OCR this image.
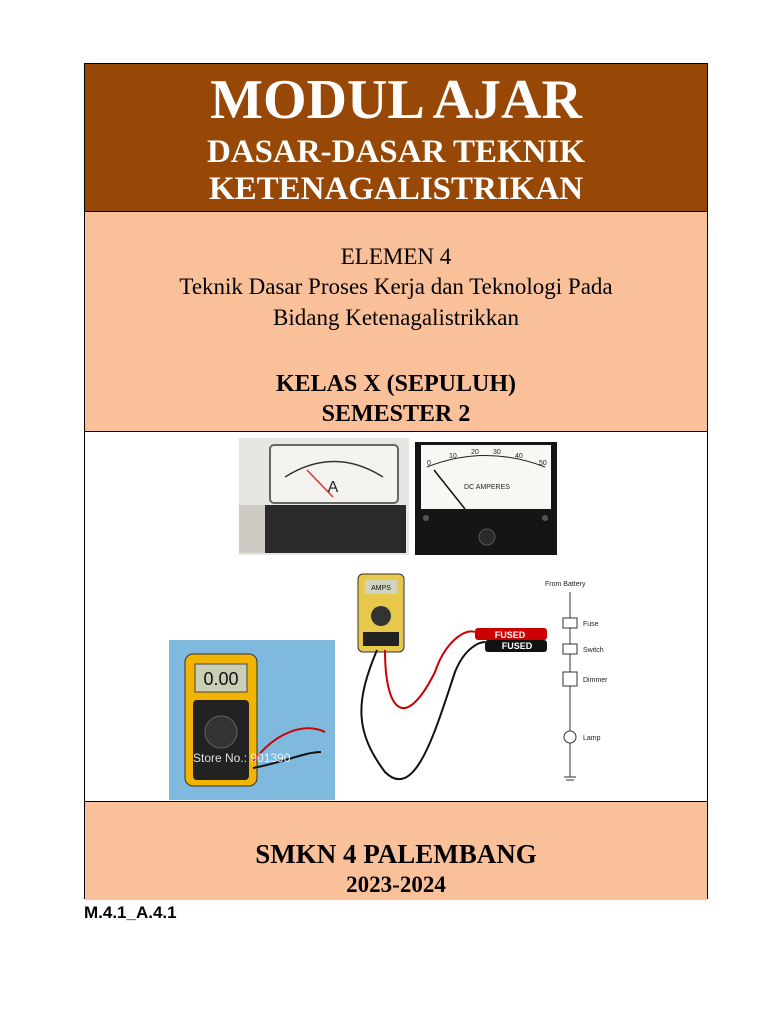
MODUL AJAR
DASAR-DASAR TEKNIK
KETENAGALISTRIKAN
ELEMEN 4
Teknik Dasar Proses Kerja dan Teknologi Pada
Bidang Ketenagalistrikkan
KELAS X (SEPULUH)
SEMESTER 2
A
0
10
20 30
40
50
DC AMPERES
0.00
Store No.: 901390
AMPS
FUSED
FUSED
From Battery
Fuse
Switch
Dimmer
Lamp
SMKN 4 PALEMBANG
2023-2024
M.4.1_A.4.1
